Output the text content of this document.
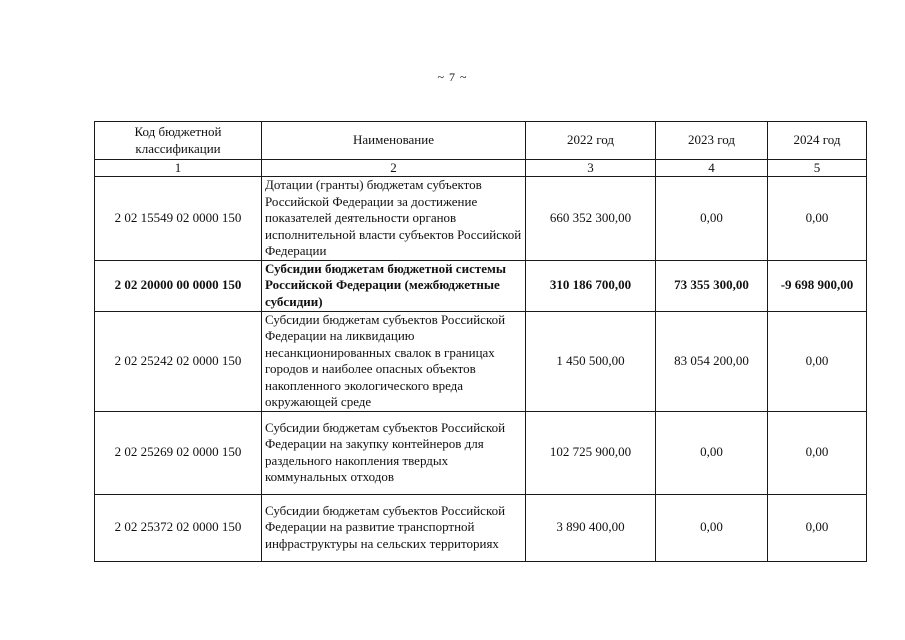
~ 7 ~
Код бюджетной классификации	Наименование	2022 год	2023 год	2024 год
1	2	3	4	5
2 02 15549 02 0000 150	Дотации (гранты) бюджетам субъектов Российской Федерации за достижение показателей деятельности органов исполнительной власти субъектов Российской Федерации	660 352 300,00	0,00	0,00
2 02 20000 00 0000 150	Субсидии бюджетам бюджетной системы Российской Федерации (межбюджетные субсидии)	310 186 700,00	73 355 300,00	-9 698 900,00
2 02 25242 02 0000 150	Субсидии бюджетам субъектов Российской Федерации на ликвидацию несанкционированных свалок в границах городов и наиболее опасных объектов накопленного экологического вреда окружающей среде	1 450 500,00	83 054 200,00	0,00
2 02 25269 02 0000 150	Субсидии бюджетам субъектов Российской Федерации на закупку контейнеров для раздельного накопления твердых коммунальных отходов	102 725 900,00	0,00	0,00
2 02 25372 02 0000 150	Субсидии бюджетам субъектов Российской Федерации на развитие транспортной инфраструктуры на сельских территориях	3 890 400,00	0,00	0,00
